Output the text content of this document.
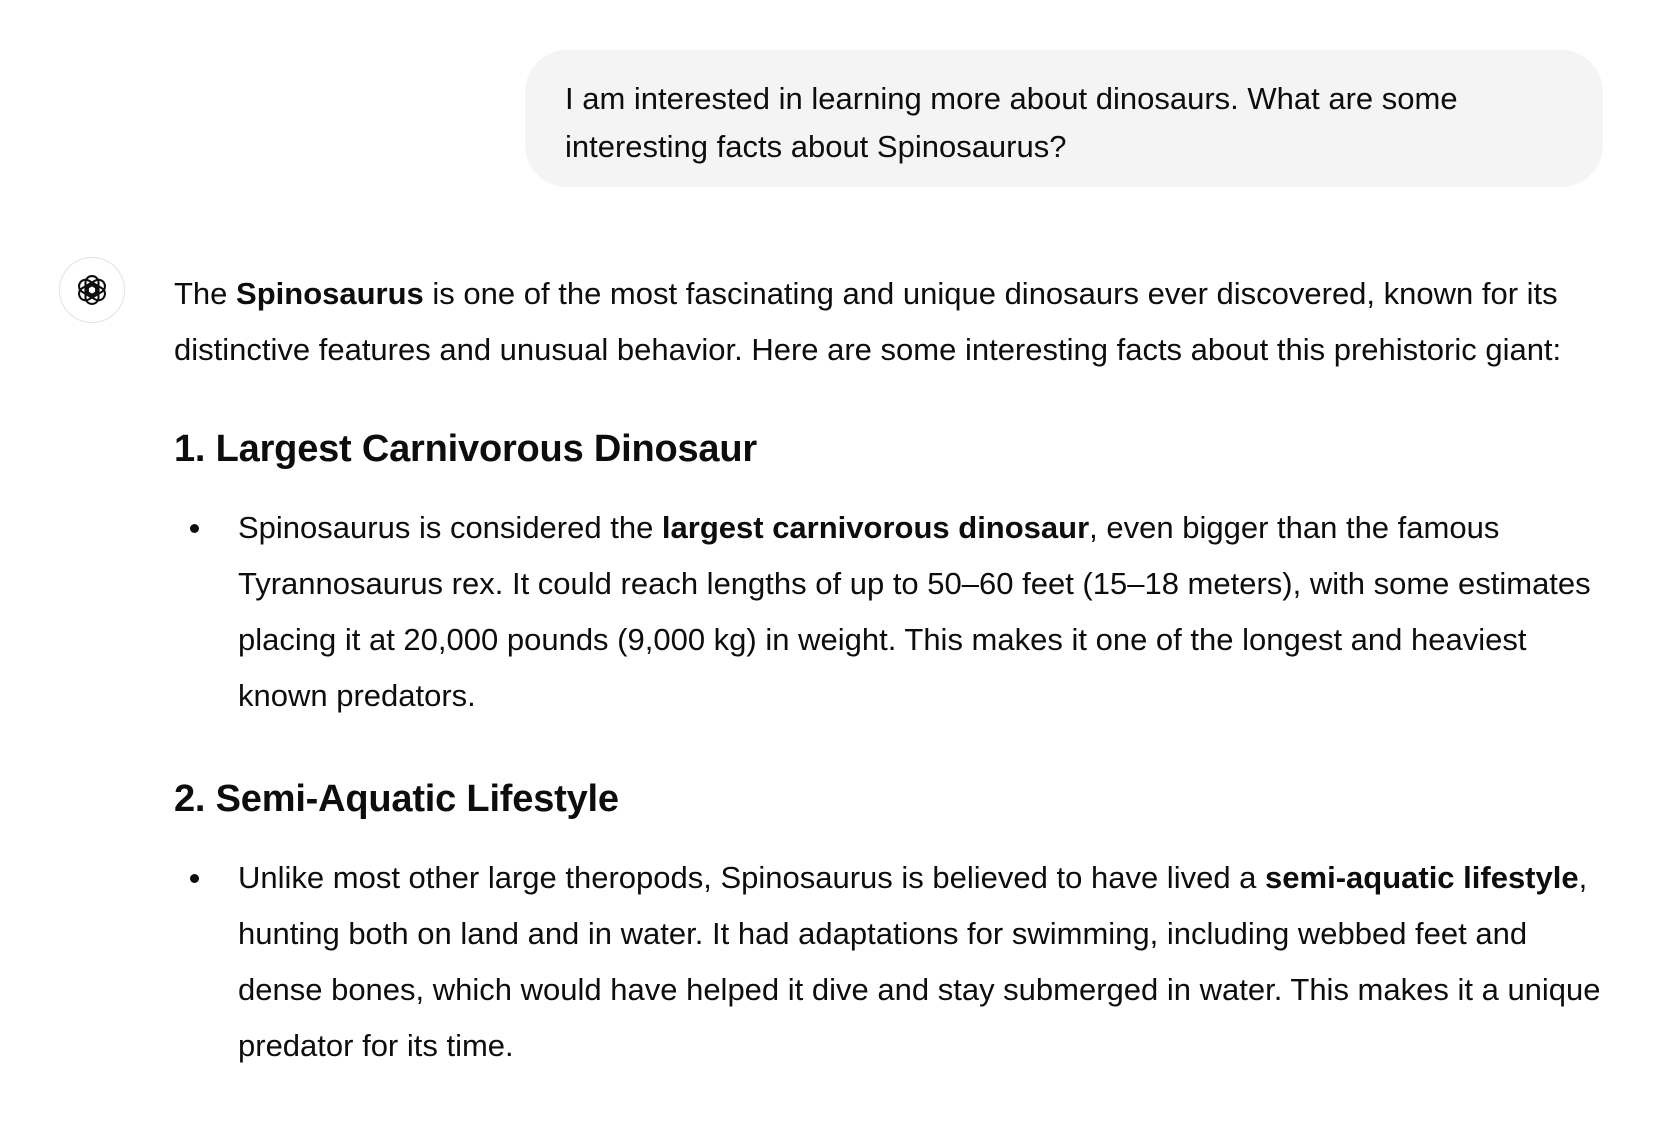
I am interested in learning more about dinosaurs. What are some
interesting facts about Spinosaurus?

The Spinosaurus is one of the most fascinating and unique dinosaurs ever discovered, known for its distinctive features and unusual behavior. Here are some interesting facts about this prehistoric giant:

1. Largest Carnivorous Dinosaur
Spinosaurus is considered the largest carnivorous dinosaur, even bigger than the famous Tyrannosaurus rex. It could reach lengths of up to 50–60 feet (15–18 meters), with some estimates placing it at 20,000 pounds (9,000 kg) in weight. This makes it one of the longest and heaviest known predators.
2. Semi-Aquatic Lifestyle
Unlike most other large theropods, Spinosaurus is believed to have lived a semi-aquatic lifestyle, hunting both on land and in water. It had adaptations for swimming, including webbed feet and dense bones, which would have helped it dive and stay submerged in water. This makes it a unique predator for its time.
